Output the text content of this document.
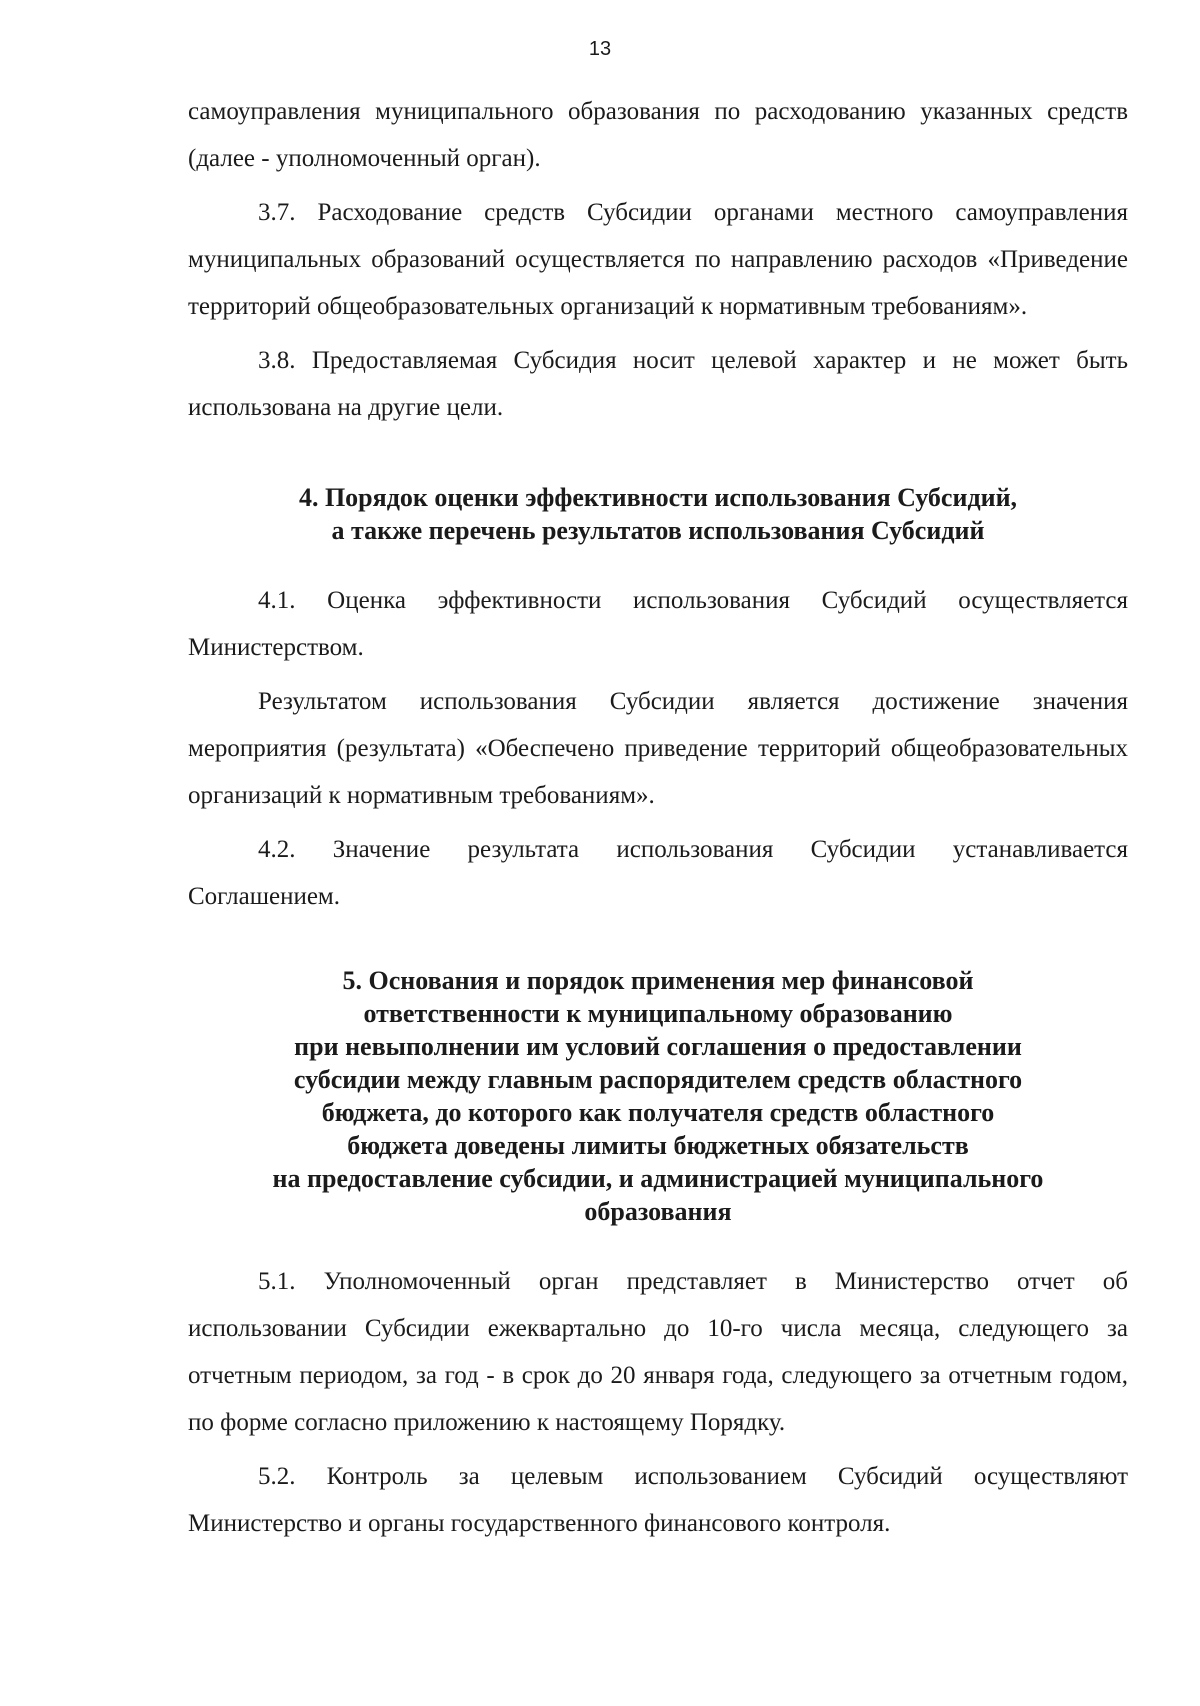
13

самоуправления муниципального образования по расходованию указанных средств (далее - уполномоченный орган).

3.7. Расходование средств Субсидии органами местного самоуправления муниципальных образований осуществляется по направлению расходов «Приведение территорий общеобразовательных организаций к нормативным требованиям».

3.8. Предоставляемая Субсидия носит целевой характер и не может быть использована на другие цели.

4. Порядок оценки эффективности использования Субсидий,
а также перечень результатов использования Субсидий

4.1. Оценка эффективности использования Субсидий осуществляется Министерством.

Результатом использования Субсидии является достижение значения мероприятия (результата) «Обеспечено приведение территорий общеобразовательных организаций к нормативным требованиям».

4.2. Значение результата использования Субсидии устанавливается Соглашением.

5. Основания и порядок применения мер финансовой
ответственности к муниципальному образованию
при невыполнении им условий соглашения о предоставлении
субсидии между главным распорядителем средств областного
бюджета, до которого как получателя средств областного
бюджета доведены лимиты бюджетных обязательств
на предоставление субсидии, и администрацией муниципального
образования

5.1. Уполномоченный орган представляет в Министерство отчет об использовании Субсидии ежеквартально до 10-го числа месяца, следующего за отчетным периодом, за год - в срок до 20 января года, следующего за отчетным годом, по форме согласно приложению к настоящему Порядку.

5.2. Контроль за целевым использованием Субсидий осуществляют Министерство и органы государственного финансового контроля.
